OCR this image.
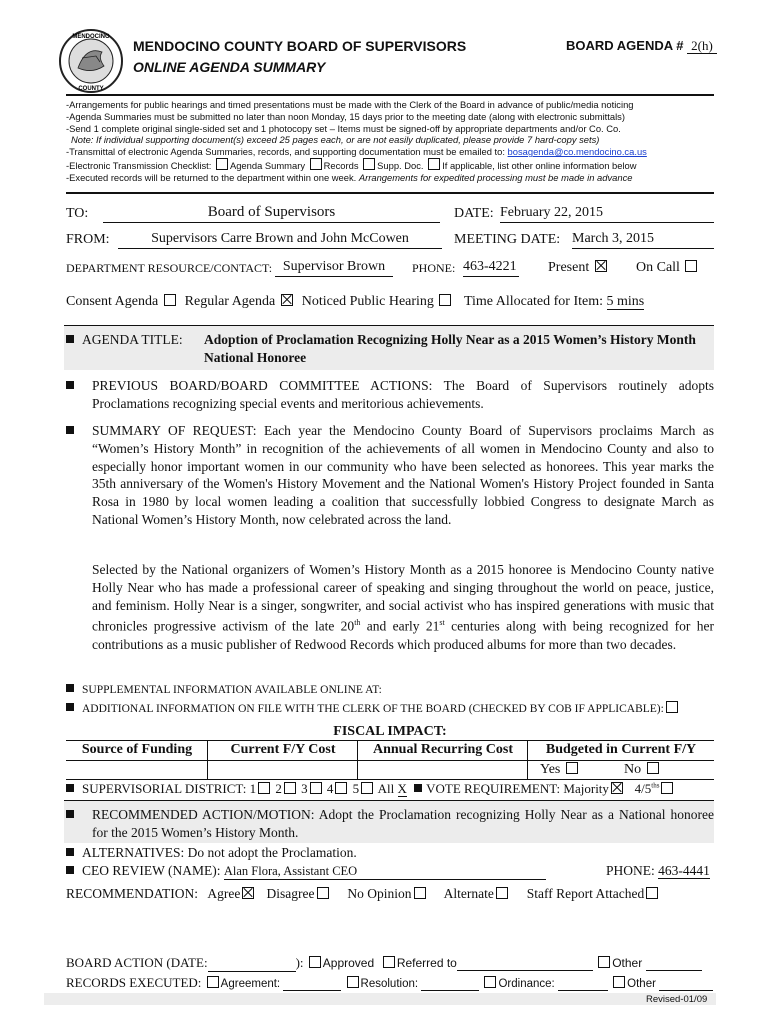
MENDOCINO
COUNTY
MENDOCINO COUNTY BOARD OF SUPERVISORS
ONLINE AGENDA SUMMARY
BOARD AGENDA # 2(h)
-Arrangements for public hearings and timed presentations must be made with the Clerk of the Board in advance of public/media noticing
-Agenda Summaries must be submitted no later than noon Monday, 15 days prior to the meeting date (along with electronic submittals)
-Send 1 complete original single-sided set and 1 photocopy set – Items must be signed-off by appropriate departments and/or Co. Co.
Note: If individual supporting document(s) exceed 25 pages each, or are not easily duplicated, please provide 7 hard-copy sets)
-Transmittal of electronic Agenda Summaries, records, and supporting documentation must be emailed to: bosagenda@co.mendocino.ca.us
-Electronic Transmission Checklist: Agenda Summary Records Supp. Doc. If applicable, list other online information below
-Executed records will be returned to the department within one week. Arrangements for expedited processing must be made in advance
TO:	Board of Supervisors	DATE: February 22, 2015
FROM:	Supervisors Carre Brown and John McCowen	MEETING DATE: March 3, 2015
DEPARTMENT RESOURCE/CONTACT: Supervisor Brown	PHONE: 463-4221 Present	On Call
Consent Agenda Regular Agenda Noticed Public Hearing Time Allocated for Item: 5 mins
AGENDA TITLE:	Adoption of Proclamation Recognizing Holly Near as a 2015 Women’s History Month National Honoree
PREVIOUS BOARD/BOARD COMMITTEE ACTIONS: The Board of Supervisors routinely adopts Proclamations recognizing special events and meritorious achievements.
SUMMARY OF REQUEST: Each year the Mendocino County Board of Supervisors proclaims March as “Women’s History Month” in recognition of the achievements of all women in Mendocino County and also to especially honor important women in our community who have been selected as honorees. This year marks the 35th anniversary of the Women's History Movement and the National Women's History Project founded in Santa Rosa in 1980 by local women leading a coalition that successfully lobbied Congress to designate March as National Women’s History Month, now celebrated across the land.
Selected by the National organizers of Women’s History Month as a 2015 honoree is Mendocino County native Holly Near who has made a professional career of speaking and singing throughout the world on peace, justice, and feminism. Holly Near is a singer, songwriter, and social activist who has inspired generations with music that chronicles progressive activism of the late 20th and early 21st centuries along with being recognized for her contributions as a music publisher of Redwood Records which produced albums for more than two decades.
SUPPLEMENTAL INFORMATION AVAILABLE ONLINE AT:
ADDITIONAL INFORMATION ON FILE WITH THE CLERK OF THE BOARD (CHECKED BY COB IF APPLICABLE):
FISCAL IMPACT:
Source of Funding	Current F/Y Cost	Annual Recurring Cost	Budgeted in Current F/Y
Yes	No
SUPERVISORIAL DISTRICT: 1 2 3 4 5 All X VOTE REQUIREMENT: Majority $4/5^{ths}$
RECOMMENDED ACTION/MOTION: Adopt the Proclamation recognizing Holly Near as a National honoree for the 2015 Women’s History Month.
ALTERNATIVES: Do not adopt the Proclamation.
CEO REVIEW (NAME): Alan Flora, Assistant CEO	PHONE: 463-4441
RECOMMENDATION: Agree Disagree No Opinion Alternate Staff Report Attached
BOARD ACTION (DATE:	): Approved Referred to	Other
RECORDS EXECUTED: Agreement:	Resolution:	Ordinance:	Other
Revised-01/09
